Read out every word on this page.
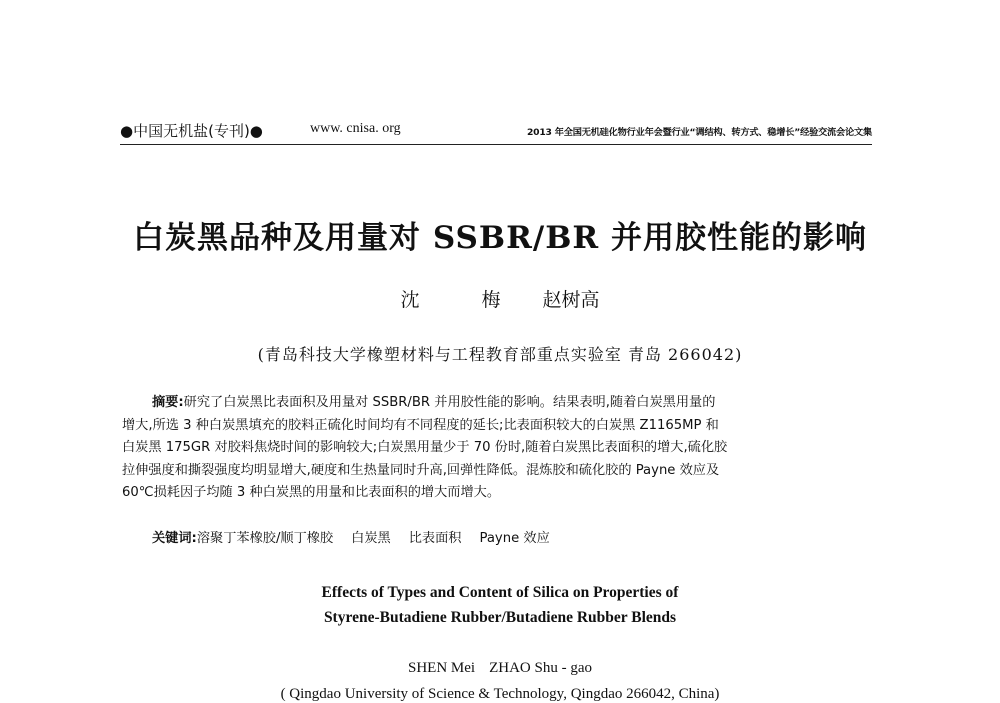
●中国无机盐(专刊)●	www. cnisa. org	2013 年全国无机硅化物行业年会暨行业“调结构、转方式、稳增长”经验交流会论文集
白炭黑品种及用量对 SSBR/BR 并用胶性能的影响
沈 梅 赵树高
(青岛科技大学橡塑材料与工程教育部重点实验室 青岛 266042)
摘要:研究了白炭黑比表面积及用量对 SSBR/BR 并用胶性能的影响。结果表明,随着白炭黑用量的
增大,所选 3 种白炭黑填充的胶料正硫化时间均有不同程度的延长;比表面积较大的白炭黑 Z1165MP 和
白炭黑 175GR 对胶料焦烧时间的影响较大;白炭黑用量少于 70 份时,随着白炭黑比表面积的增大,硫化胶
拉伸强度和撕裂强度均明显增大,硬度和生热量同时升高,回弹性降低。混炼胶和硫化胶的 Payne 效应及
60℃损耗因子均随 3 种白炭黑的用量和比表面积的增大而增大。
关键词:溶聚丁苯橡胶/顺丁橡胶 白炭黑 比表面积 Payne 效应
Effects of Types and Content of Silica on Properties of
Styrene-Butadiene Rubber/Butadiene Rubber Blends
SHEN Mei ZHAO Shu - gao
( Qingdao University of Science & Technology, Qingdao 266042, China)
